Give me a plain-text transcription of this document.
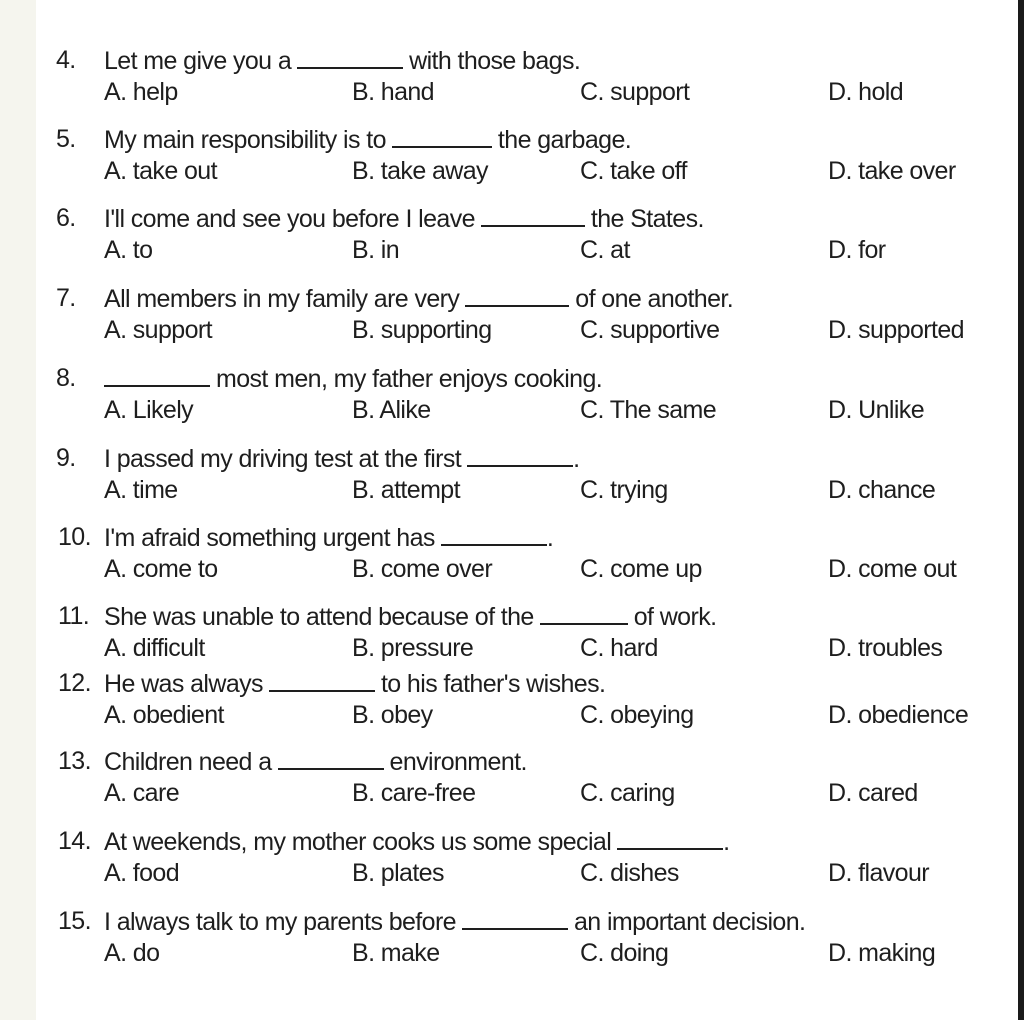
4. Let me give you a	with those bags.
A. help	B. hand	C. support	D. hold
5. My main responsibility is to	the garbage.
A. take out	B. take away	C. take off	D. take over
6. I'll come and see you before I leave	the States.
A. to	B. in	C. at	D. for
7. All members in my family are very	of one another.
A. support	B. supporting	C. supportive	D. supported
8.	most men, my father enjoys cooking.
A. Likely	B. Alike	C. The same	D. Unlike
9. I passed my driving test at the first	.
A. time	B. attempt	C. trying	D. chance
10. I'm afraid something urgent has	.
A. come to	B. come over	C. come up	D. come out
11. She was unable to attend because of the	of work.
A. difficult	B. pressure	C. hard	D. troubles
12. He was always	to his father's wishes.
A. obedient	B. obey	C. obeying	D. obedience
13. Children need a	environment.
A. care	B. care-free	C. caring	D. cared
14. At weekends, my mother cooks us some special	.
A. food	B. plates	C. dishes	D. flavour
15. I always talk to my parents before	an important decision.
A. do	B. make	C. doing	D. making
